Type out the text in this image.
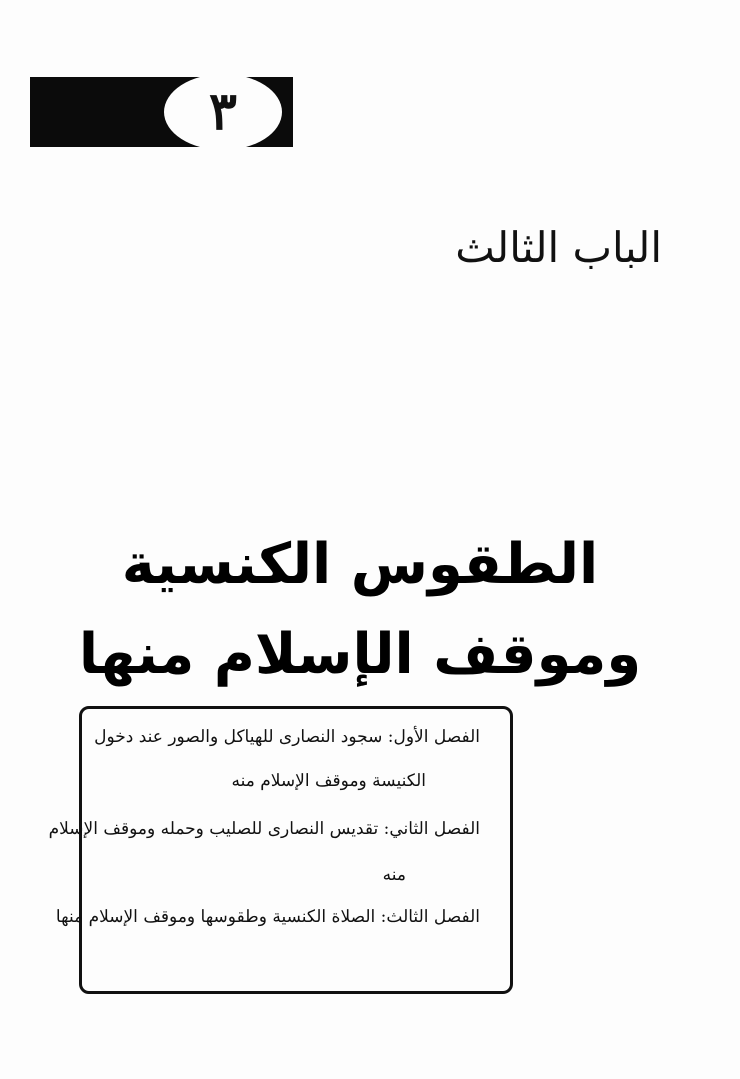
٣
الباب الثالث
الطقوس الكنسية وموقف الإسلام منها
الفصل الأول: سجود النصارى للهياكل والصور عند دخول
الكنيسة وموقف الإسلام منه
الفصل الثاني: تقديس النصارى للصليب وحمله وموقف الإسلام
منه
الفصل الثالث: الصلاة الكنسية وطقوسها وموقف الإسلام منها
